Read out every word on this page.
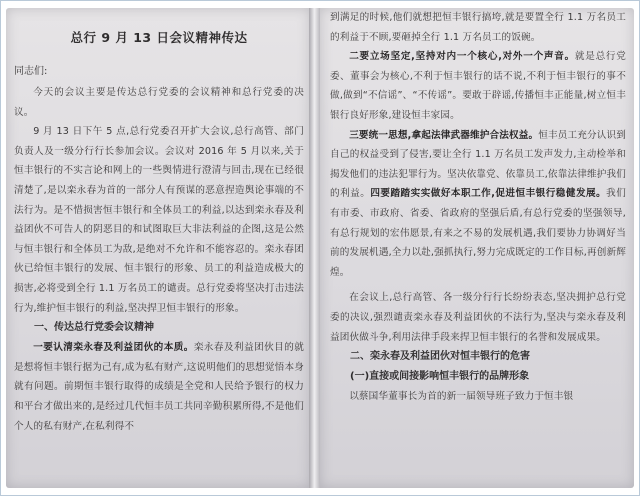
总行 9 月 13 日会议精神传达

同志们:

今天的会议主要是传达总行党委的会议精神和总行党委的决议。

9 月 13 日下午 5 点,总行党委召开扩大会议,总行高管、部门负责人及一级分行行长参加会议。会议对 2016 年 5 月以来,关于恒丰银行的不实言论和网上的一些舆情进行澄清与回击,现在已经很清楚了,是以栾永春为首的一部分人有预谋的恶意捏造舆论事端的不法行为。是不惜损害恒丰银行和全体员工的利益,以达到栾永春及利益团伙不可告人的阴恶目的和试图取巨大非法利益的企图,这是公然与恒丰银行和全体员工为敌,是绝对不允许和不能容忍的。栾永春团伙已给恒丰银行的发展、恒丰银行的形象、员工的利益造成极大的损害,必将受到全行 1.1 万名员工的谴责。总行党委将坚决打击违法行为,维护恒丰银行的利益,坚决捍卫恒丰银行的形象。

一、传达总行党委会议精神

一要认清栾永春及利益团伙的本质。栾永春及利益团伙目的就是想将恒丰银行据为己有,成为私有财产,这说明他们的思想觉悟本身就有问题。前期恒丰银行取得的成绩是全党和人民给予银行的权力和平台才做出来的,是经过几代恒丰员工共同辛勤积累所得,不是他们个人的私有财产,在私利得不

到满足的时候,他们就想把恒丰银行搞垮,就是要置全行 1.1 万名员工的利益于不顾,要砸掉全行 1.1 万名员工的饭碗。

二要立场坚定,坚持对内一个核心,对外一个声音。就是总行党委、董事会为核心,不利于恒丰银行的话不说,不利于恒丰银行的事不做,做到“不信谣”、“不传谣”。要敢于辟谣,传播恒丰正能量,树立恒丰银行良好形象,建设恒丰家园。

三要统一思想,拿起法律武器维护合法权益。恒丰员工充分认识到自己的权益受到了侵害,要让全行 1.1 万名员工发声发力,主动检举和揭发他们的违法犯罪行为。坚决依靠党、依靠员工,依靠法律维护我们的利益。四要踏踏实实做好本职工作,促进恒丰银行稳健发展。我们有市委、市政府、省委、省政府的坚强后盾,有总行党委的坚强领导,有总行规划的宏伟愿景,有来之不易的发展机遇,我们要协力协调好当前的发展机遇,全力以赴,强抓执行,努力完成既定的工作目标,再创新辉煌。

在会议上,总行高管、各一级分行行长纷纷表态,坚决拥护总行党委的决议,强烈谴责栾永春及利益团伙的不法行为,坚决与栾永春及利益团伙做斗争,利用法律手段来捍卫恒丰银行的名誉和发展成果。

二、栾永春及利益团伙对恒丰银行的危害

(一)直接或间接影响恒丰银行的品牌形象

以蔡国华董事长为首的新一届领导班子致力于恒丰银
